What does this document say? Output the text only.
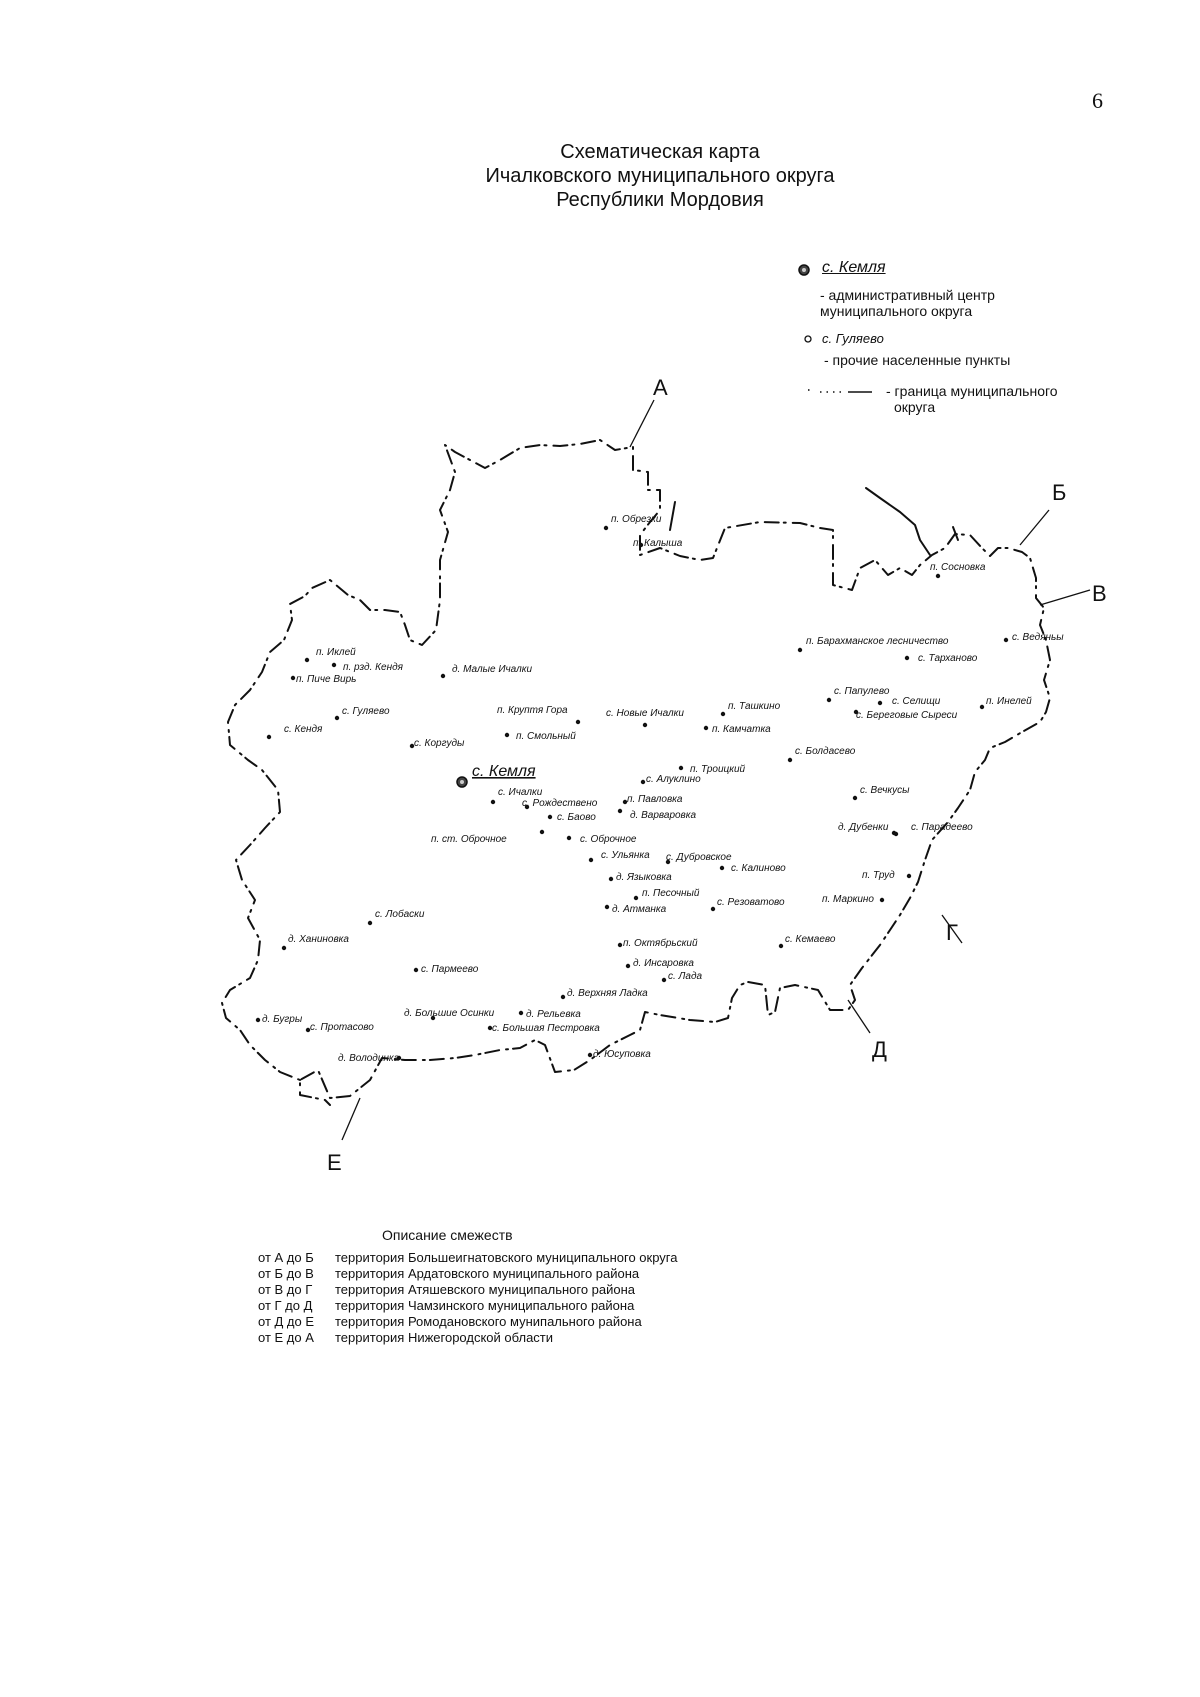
6
Схематическая карта
Ичалковского муниципального округа
Республики Мордовия
с. Кемля
- административный центр
муниципального округа
с. Гуляево
- прочие населенные пункты
- граница муниципального
округа
А
Б
В
Г
Д
Е
с. Кемля
п. Обрезки
п. Калыша
п. Сосновка
п. Иклей
п. рзд. Кендя
п. Пиче Вирь
д. Малые Ичалки
п. Барахманское лесничество	с. Ведяньы
с. Тарханово
с. Гуляево
с. Кендя
п. Круптя Гора	с. Новые Ичалки
п. Ташкино
с. Папулево
с. Селищи	п. Инелей
с. Береговые Сыреси
п. Камчатка
п. Смольный
с. Коргуды
с. Болдасево
п. Троицкий
с. Алуклино
с. Ичалки
с. Рождествено	п. Павловка
д. Варваровка
с. Вечкусы
с. Баово
д. Дубенки с. Парадеево
п. ст. Оброчное	с. Оброчное
с. Ульянка с. Дубровское
с. Калиново
д. Языковка	п. Труд
п. Песочный
д. Атманка
с. Резоватово	п. Маркино
с. Лобаски
д. Ханиновка	п. Октябрьский	с. Кемаево
д. Инсаровка
с. Пармеево
с. Лада
д. Верхняя Ладка
д. Бугры
д. Большие Осинки	д. Рельевка
с. Протасово	с. Большая Пестровка
д. Володинка	д. Юсуповка
Описание смежеств
от А до Б	территория Большеигнатовского муниципального округа
от Б до В	территория Ардатовского муниципального района
от В до Г	территория Атяшевского муниципального района
от Г до Д	территория Чамзинского муниципального района
от Д до Е	территория Ромодановского мунипального района
от Е до А	территория Нижегородской области
